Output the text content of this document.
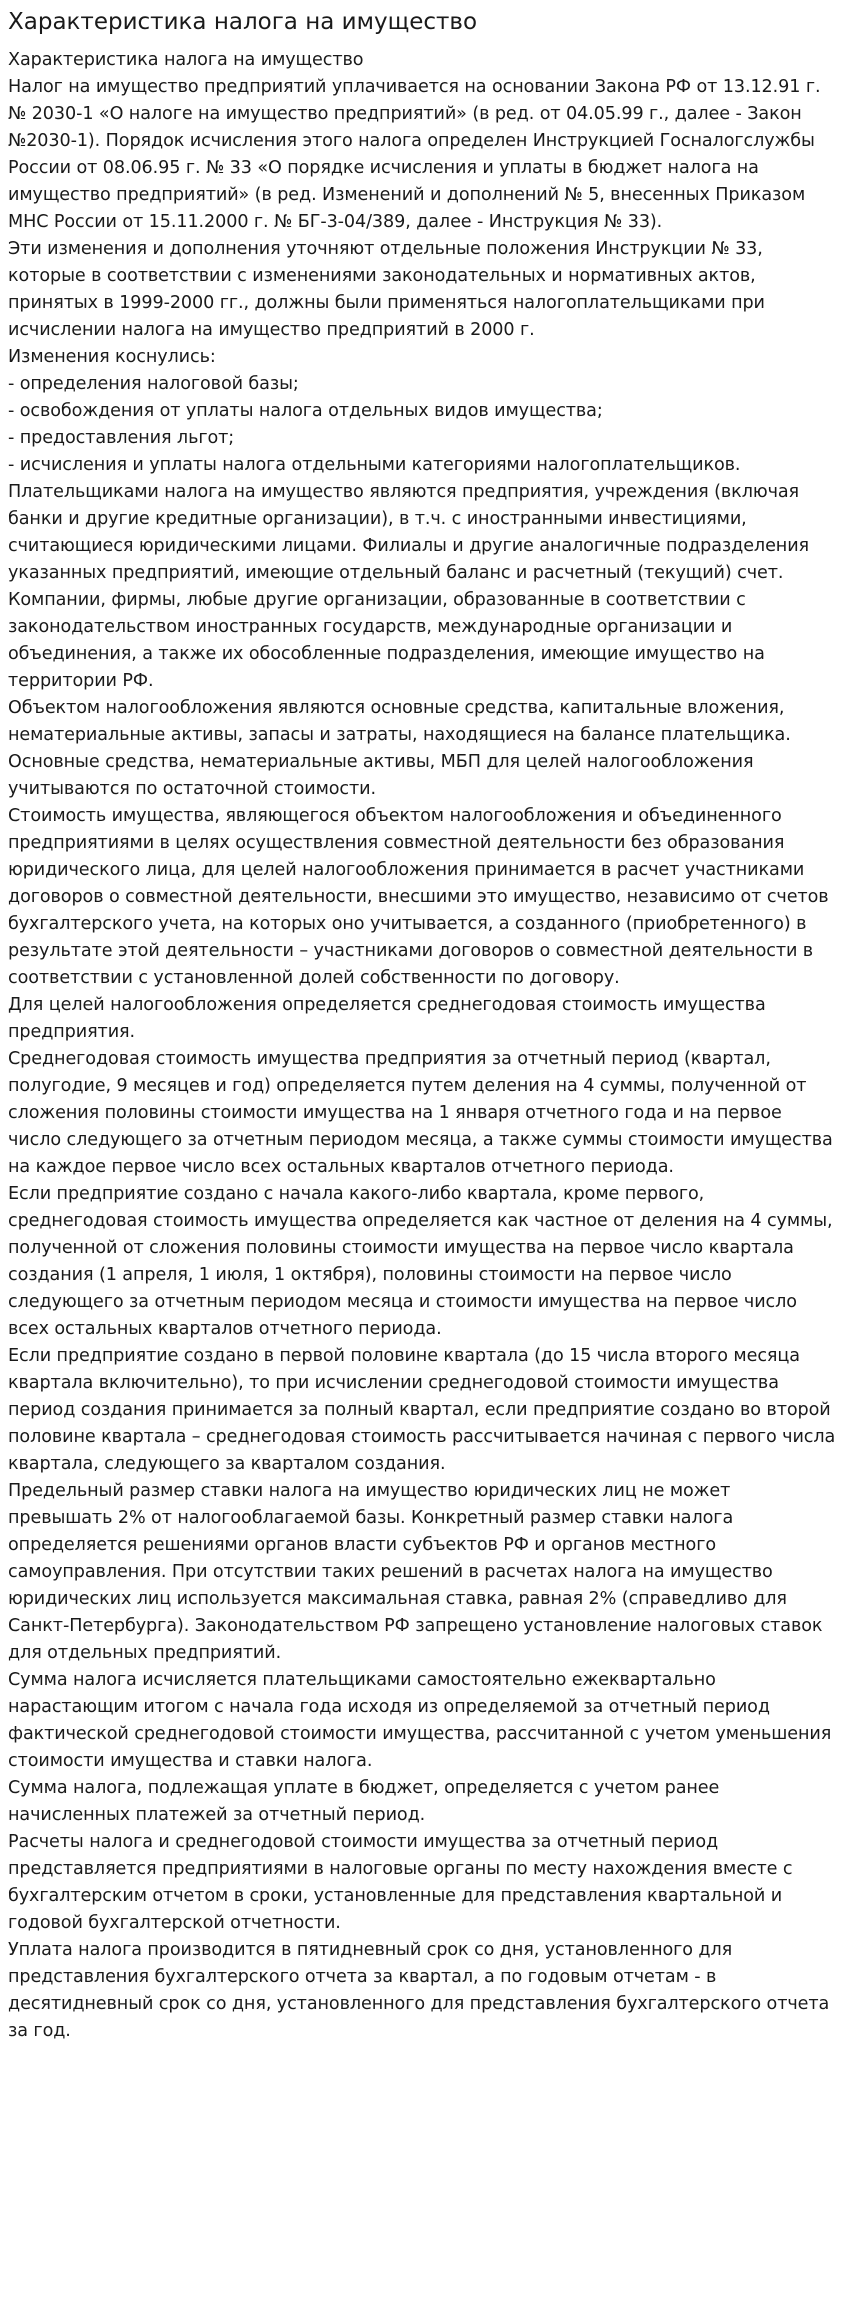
Характеристика налога на имущество

Характеристика налога на имущество

Налог на имущество предприятий уплачивается на основании Закона РФ от 13.12.91 г. № 2030-1 «О налоге на имущество предприятий» (в ред. от 04.05.99 г., далее - Закон №2030-1). Порядок исчисления этого налога определен Инструкцией Госналогслужбы России от 08.06.95 г. № 33 «О порядке исчисления и уплаты в бюджет налога на имущество предприятий» (в ред. Изменений и дополнений № 5, внесенных Приказом МНС России от 15.11.2000 г. № БГ-3-04/389, далее - Инструкция № 33).

Эти изменения и дополнения уточняют отдельные положения Инструкции № 33, которые в соответствии с изменениями законодательных и нормативных актов, принятых в 1999-2000 гг., должны были применяться налогоплательщиками при исчислении налога на имущество предприятий в 2000 г.

Изменения коснулись:

- определения налоговой базы;

- освобождения от уплаты налога отдельных видов имущества;

- предоставления льгот;

- исчисления и уплаты налога отдельными категориями налогоплательщиков.

Плательщиками налога на имущество являются предприятия, учреждения (включая банки и другие кредитные организации), в т.ч. с иностранными инвестициями, считающиеся юридическими лицами. Филиалы и другие аналогичные подразделения указанных предприятий, имеющие отдельный баланс и расчетный (текущий) счет. Компании, фирмы, любые другие организации, образованные в соответствии с законодательством иностранных государств, международные организации и объединения, а также их обособленные подразделения, имеющие имущество на территории РФ.

Объектом налогообложения являются основные средства, капитальные вложения, нематериальные активы, запасы и затраты, находящиеся на балансе плательщика. Основные средства, нематериальные активы, МБП для целей налогообложения учитываются по остаточной стоимости.

Стоимость имущества, являющегося объектом налогообложения и объединенного предприятиями в целях осуществления совместной деятельности без образования юридического лица, для целей налогообложения принимается в расчет участниками договоров о совместной деятельности, внесшими это имущество, независимо от счетов бухгалтерского учета, на которых оно учитывается, а созданного (приобретенного) в результате этой деятельности – участниками договоров о совместной деятельности в соответствии с установленной долей собственности по договору.

Для целей налогообложения определяется среднегодовая стоимость имущества предприятия.

Среднегодовая стоимость имущества предприятия за отчетный период (квартал, полугодие, 9 месяцев и год) определяется путем деления на 4 суммы, полученной от сложения половины стоимости имущества на 1 января отчетного года и на первое число следующего за отчетным периодом месяца, а также суммы стоимости имущества на каждое первое число всех остальных кварталов отчетного периода.

Если предприятие создано с начала какого-либо квартала, кроме первого, среднегодовая стоимость имущества определяется как частное от деления на 4 суммы, полученной от сложения половины стоимости имущества на первое число квартала создания (1 апреля, 1 июля, 1 октября), половины стоимости на первое число следующего за отчетным периодом месяца и стоимости имущества на первое число всех остальных кварталов отчетного периода.

Если предприятие создано в первой половине квартала (до 15 числа второго месяца квартала включительно), то при исчислении среднегодовой стоимости имущества период создания принимается за полный квартал, если предприятие создано во второй половине квартала – среднегодовая стоимость рассчитывается начиная с первого числа квартала, следующего за кварталом создания.

Предельный размер ставки налога на имущество юридических лиц не может превышать 2% от налогооблагаемой базы. Конкретный размер ставки налога определяется решениями органов власти субъектов РФ и органов местного самоуправления. При отсутствии таких решений в расчетах налога на имущество юридических лиц используется максимальная ставка, равная 2% (справедливо для Санкт-Петербурга). Законодательством РФ запрещено установление налоговых ставок для отдельных предприятий.

Сумма налога исчисляется плательщиками самостоятельно ежеквартально нарастающим итогом с начала года исходя из определяемой за отчетный период фактической среднегодовой стоимости имущества, рассчитанной с учетом уменьшения стоимости имущества и ставки налога.

Сумма налога, подлежащая уплате в бюджет, определяется с учетом ранее начисленных платежей за отчетный период.

Расчеты налога и среднегодовой стоимости имущества за отчетный период представляется предприятиями в налоговые органы по месту нахождения вместе с бухгалтерским отчетом в сроки, установленные для представления квартальной и годовой бухгалтерской отчетности.

Уплата налога производится в пятидневный срок со дня, установленного для представления бухгалтерского отчета за квартал, а по годовым отчетам - в десятидневный срок со дня, установленного для представления бухгалтерского отчета за год.
